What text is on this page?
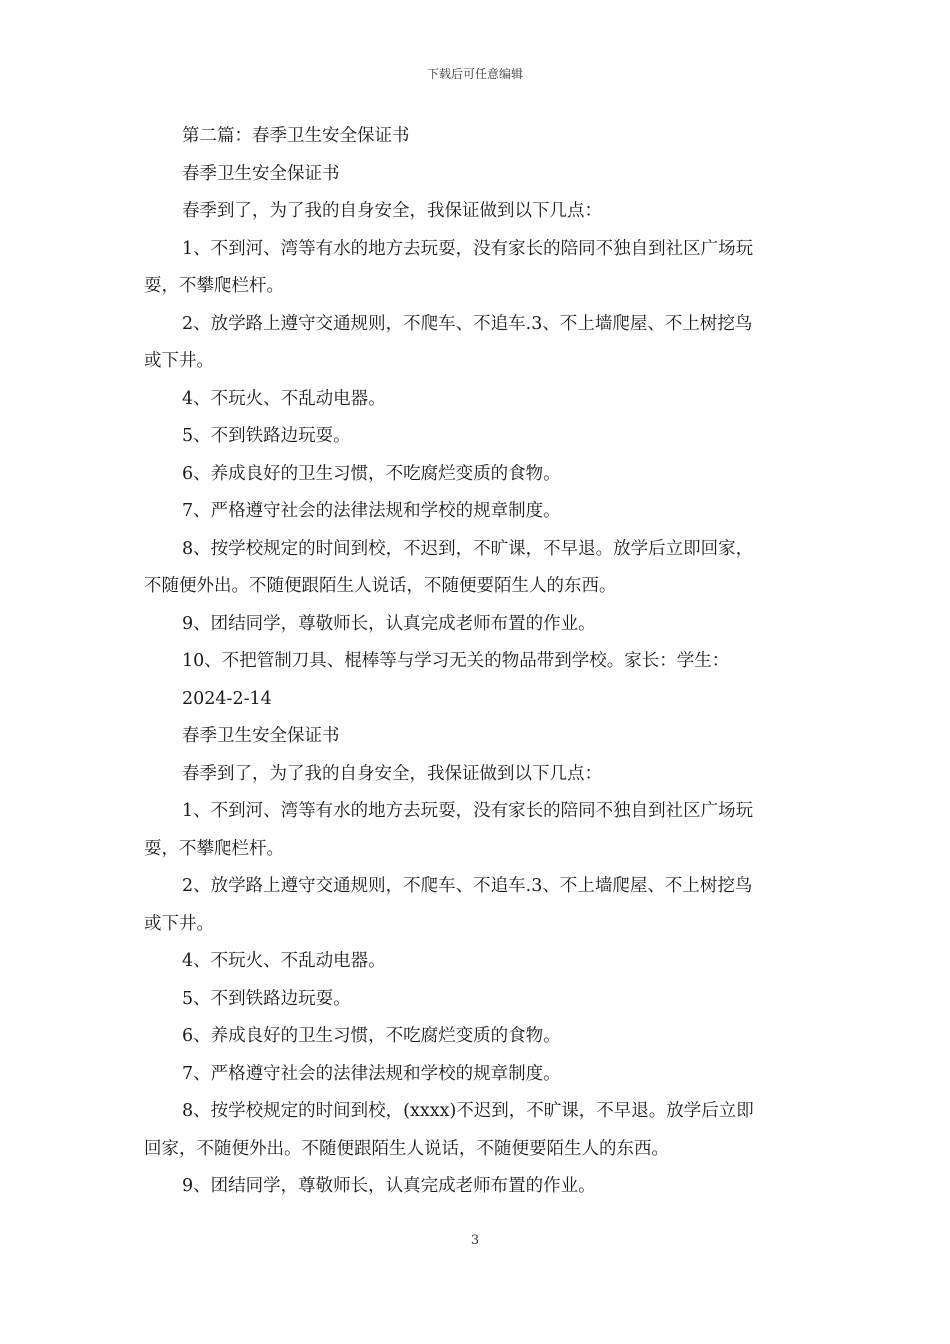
下载后可任意编辑
第二篇：春季卫生安全保证书
春季卫生安全保证书
春季到了，为了我的自身安全，我保证做到以下几点：
1、不到河、湾等有水的地方去玩耍，没有家长的陪同不独自到社区广场玩
耍，不攀爬栏杆。
2、放学路上遵守交通规则，不爬车、不追车.3、不上墙爬屋、不上树挖鸟
或下井。
4、不玩火、不乱动电器。
5、不到铁路边玩耍。
6、养成良好的卫生习惯，不吃腐烂变质的食物。
7、严格遵守社会的法律法规和学校的规章制度。
8、按学校规定的时间到校，不迟到，不旷课，不早退。放学后立即回家，
不随便外出。不随便跟陌生人说话，不随便要陌生人的东西。
9、团结同学，尊敬师长，认真完成老师布置的作业。
10、不把管制刀具、棍棒等与学习无关的物品带到学校。家长：学生：
2024-2-14
春季卫生安全保证书
春季到了，为了我的自身安全，我保证做到以下几点：
1、不到河、湾等有水的地方去玩耍，没有家长的陪同不独自到社区广场玩
耍，不攀爬栏杆。
2、放学路上遵守交通规则，不爬车、不追车.3、不上墙爬屋、不上树挖鸟
或下井。
4、不玩火、不乱动电器。
5、不到铁路边玩耍。
6、养成良好的卫生习惯，不吃腐烂变质的食物。
7、严格遵守社会的法律法规和学校的规章制度。
8、按学校规定的时间到校，(xxxx)不迟到，不旷课，不早退。放学后立即
回家，不随便外出。不随便跟陌生人说话，不随便要陌生人的东西。
9、团结同学，尊敬师长，认真完成老师布置的作业。
3
